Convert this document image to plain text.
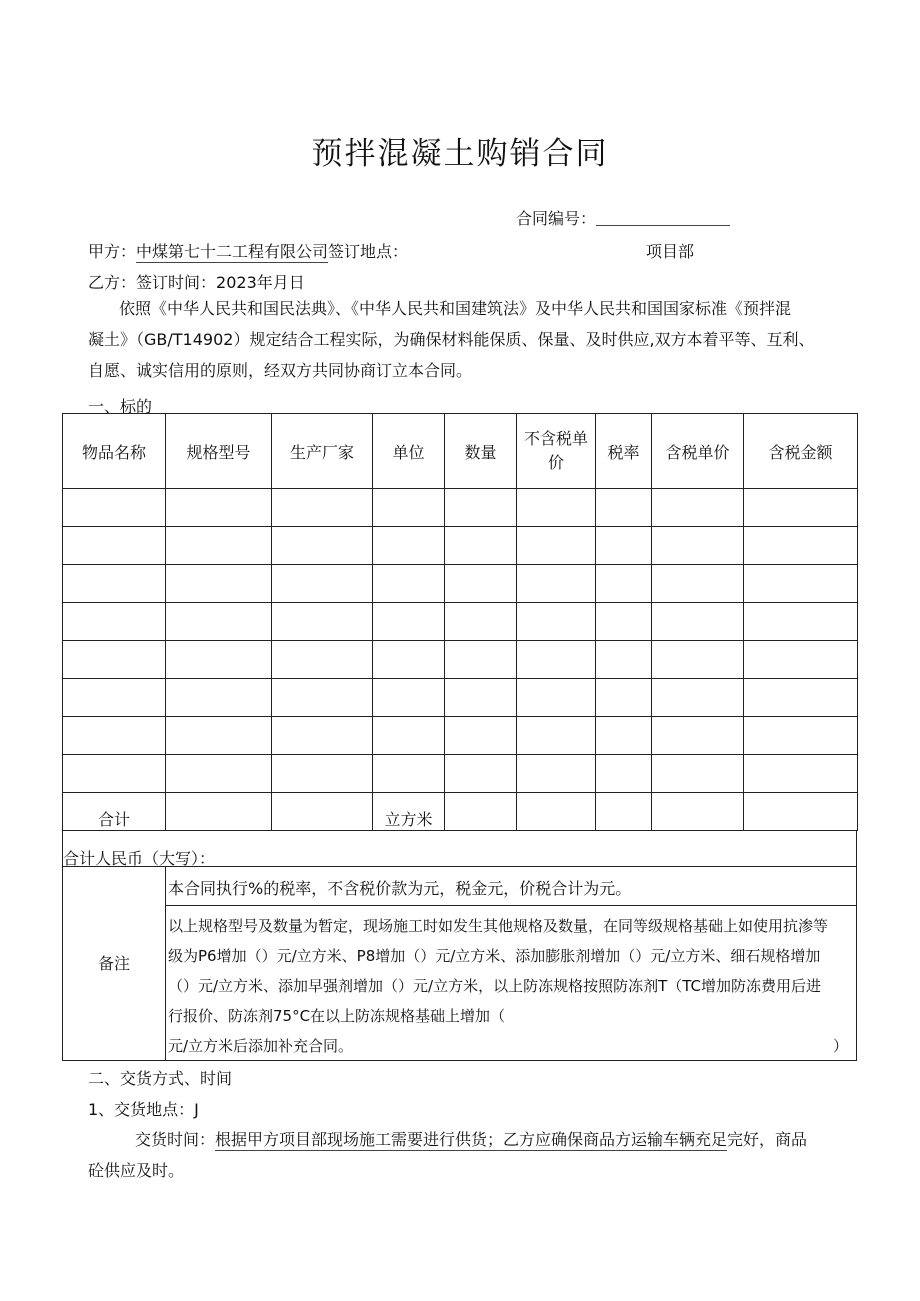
预拌混凝土购销合同
合同编号：
甲方：中煤第七十二工程有限公司签订地点：	项目部
乙方：签订时间：2023年月日
依照《中华人民共和国民法典》、《中华人民共和国建筑法》及中华人民共和国国家标准《预拌混
凝土》（GB/T14902）规定结合工程实际，为确保材料能保质、保量、及时供应,双方本着平等、互利、
自愿、诚实信用的原则，经双方共同协商订立本合同。
一、标的
物品名称	规格型号	生产厂家	单位	数量	不含税单价	税率	含税单价	含税金额

合计			立方米					
合计人民币（大写）：
备注
本合同执行%的税率，不含税价款为元，税金元，价税合计为元。
以上规格型号及数量为暂定，现场施工时如发生其他规格及数量，在同等级规格基础上如使用抗渗等
级为P6增加（）元/立方米、P8增加（）元/立方米、添加膨胀剂增加（）元/立方米、细石规格增加
（）元/立方米、添加早强剂增加（）元/立方米，以上防冻规格按照防冻剂T（TC增加防冻费用后进
行报价、防冻剂75°C在以上防冻规格基础上增加（
）
元/立方米后添加补充合同。
二、交货方式、时间
1、交货地点：J
交货时间：根据甲方项目部现场施工需要进行供货；乙方应确保商品方运输车辆充足完好，商品
砼供应及时。
